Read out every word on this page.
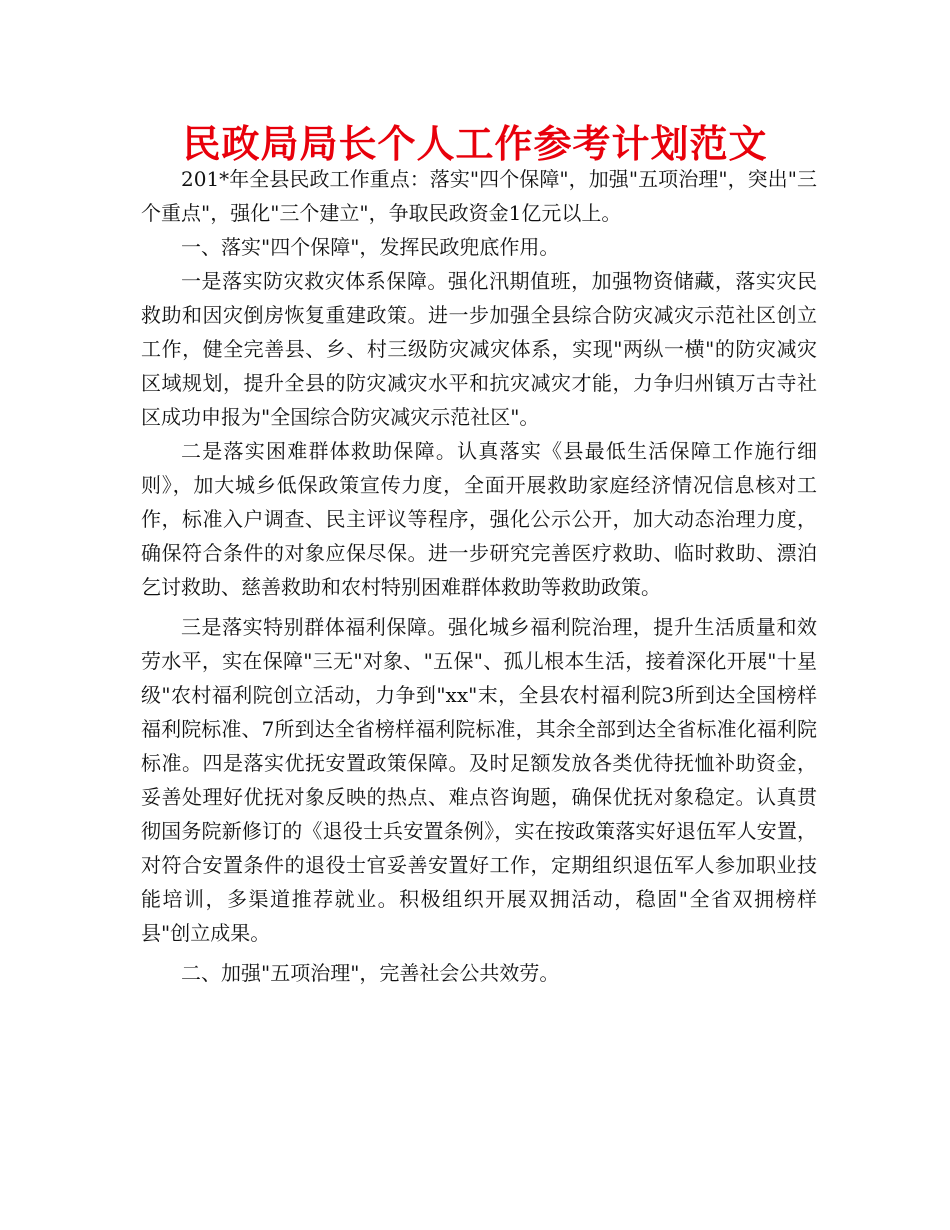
民政局局长个人工作参考计划范文

201*年全县民政工作重点：落实"四个保障"，加强"五项治理"，突出"三个重点"，强化"三个建立"，争取民政资金1亿元以上。

一、落实"四个保障"，发挥民政兜底作用。

一是落实防灾救灾体系保障。强化汛期值班，加强物资储藏，落实灾民救助和因灾倒房恢复重建政策。进一步加强全县综合防灾减灾示范社区创立工作，健全完善县、乡、村三级防灾减灾体系，实现"两纵一横"的防灾减灾区域规划，提升全县的防灾减灾水平和抗灾减灾才能，力争归州镇万古寺社区成功申报为"全国综合防灾减灾示范社区"。

二是落实困难群体救助保障。认真落实《县最低生活保障工作施行细则》，加大城乡低保政策宣传力度，全面开展救助家庭经济情况信息核对工作，标准入户调查、民主评议等程序，强化公示公开，加大动态治理力度，确保符合条件的对象应保尽保。进一步研究完善医疗救助、临时救助、漂泊乞讨救助、慈善救助和农村特别困难群体救助等救助政策。

三是落实特别群体福利保障。强化城乡福利院治理，提升生活质量和效劳水平，实在保障"三无"对象、"五保"、孤儿根本生活，接着深化开展"十星级"农村福利院创立活动，力争到"xx"末，全县农村福利院3所到达全国榜样福利院标准、7所到达全省榜样福利院标准，其余全部到达全省标准化福利院标准。四是落实优抚安置政策保障。及时足额发放各类优待抚恤补助资金，妥善处理好优抚对象反映的热点、难点咨询题，确保优抚对象稳定。认真贯彻国务院新修订的《退役士兵安置条例》，实在按政策落实好退伍军人安置，对符合安置条件的退役士官妥善安置好工作，定期组织退伍军人参加职业技能培训，多渠道推荐就业。积极组织开展双拥活动，稳固"全省双拥榜样县"创立成果。

二、加强"五项治理"，完善社会公共效劳。
